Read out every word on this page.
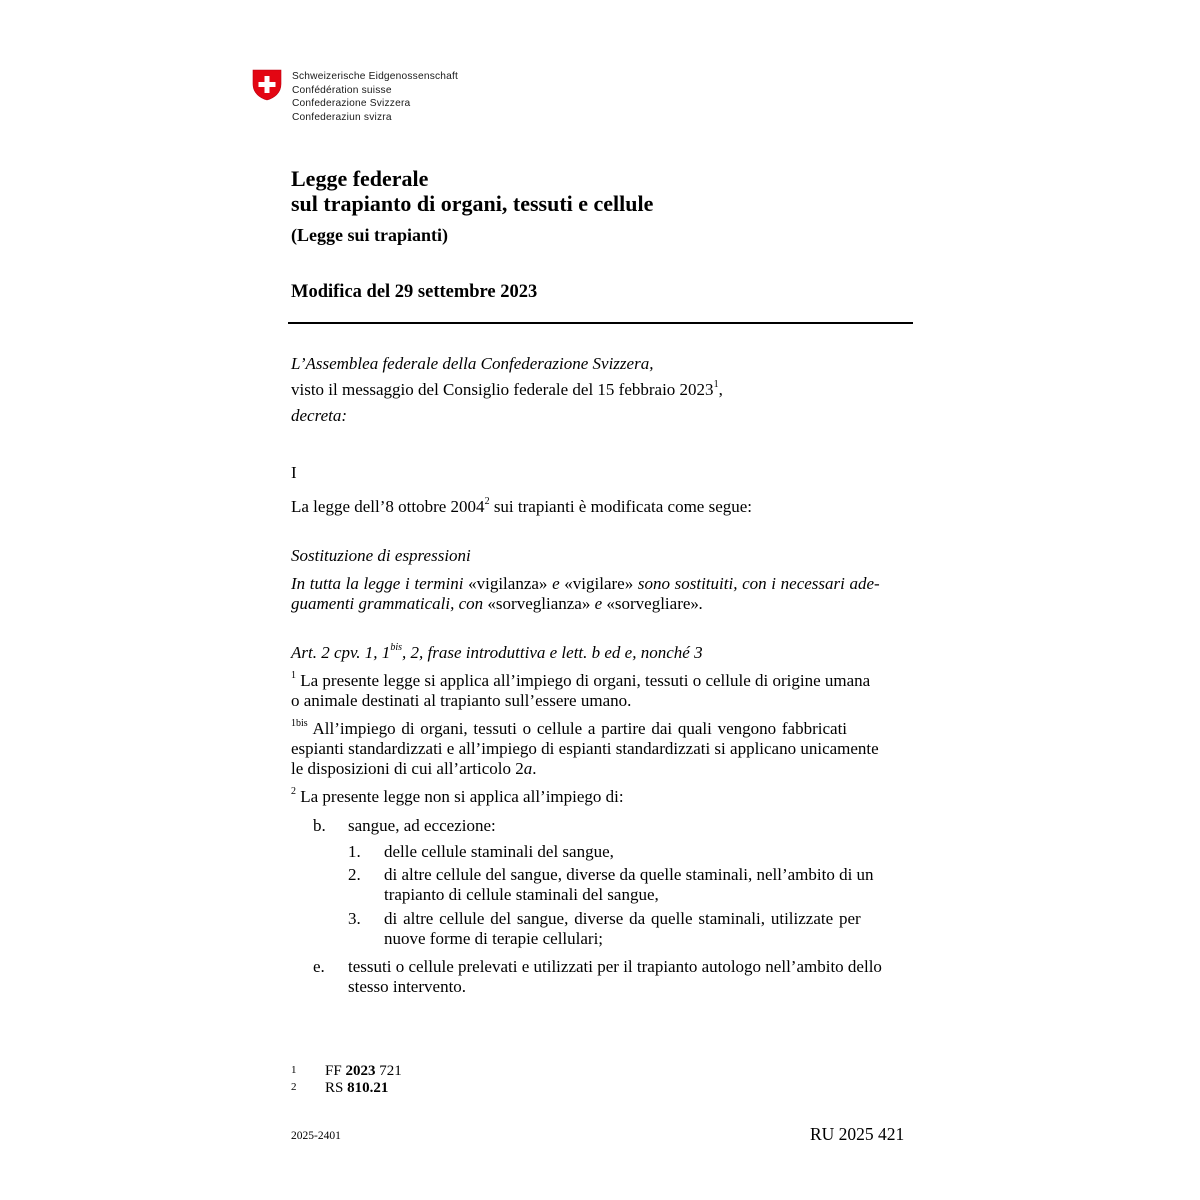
Schweizerische Eidgenossenschaft
Confédération suisse
Confederazione Svizzera
Confederaziun svizra
Legge federale
sul trapianto di organi, tessuti e cellule
(Legge sui trapianti)
Modifica del 29 settembre 2023
L’Assemblea federale della Confederazione Svizzera,
visto il messaggio del Consiglio federale del 15 febbraio 2023$^1$,
decreta:
I
La legge dell’8 ottobre 2004$^2$ sui trapianti è modificata come segue:
Sostituzione di espressioni
In tutta la legge i termini «vigilanza» e «vigilare» sono sostituiti, con i necessari ade-
guamenti grammaticali, con «sorveglianza» e «sorvegliare».
Art. 2 cpv. 1, $1^{bis}$, 2, frase introduttiva e lett. b ed e, nonché 3
$^1$ La presente legge si applica all’impiego di organi, tessuti o cellule di origine umana
o animale destinati al trapianto sull’essere umano.
$^{1bis}$ All’impiego di organi, tessuti o cellule a partire dai quali vengono fabbricati
espianti standardizzati e all’impiego di espianti standardizzati si applicano unicamente
le disposizioni di cui all’articolo 2a.
$^2$ La presente legge non si applica all’impiego di:
b. sangue, ad eccezione:
1. delle cellule staminali del sangue,
2. di altre cellule del sangue, diverse da quelle staminali, nell’ambito di un
trapianto di cellule staminali del sangue,
3. di altre cellule del sangue, diverse da quelle staminali, utilizzate per
nuove forme di terapie cellulari;
e. tessuti o cellule prelevati e utilizzati per il trapianto autologo nell’ambito dello
stesso intervento.
1 FF 2023 721
2 RS 810.21
2025-2401	RU 2025 421
